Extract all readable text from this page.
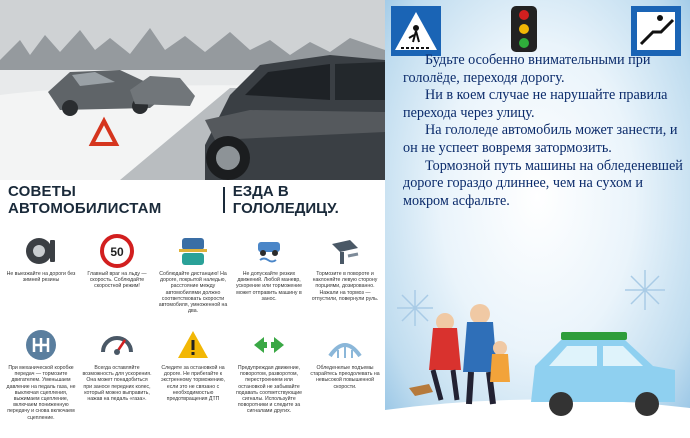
СОВЕТЫ АВТОМОБИЛИСТАМ
ЕЗДА В ГОЛОЛЕДИЦУ.
Не выезжайте на дороги без зимней резины
50
Главный враг на льду — скорость. Соблюдайте скоростной режим!
Соблюдайте дистанцию! На дороге, покрытой наледью, расстояние между автомобилями должно соответствовать скорости автомобиля, умноженной на два.
Не допускайте резких движений. Любой маневр, ускорение или торможение может отправить машину в занос.
Тормозите в повороте и наклоняйте левую сторону порциями, дозированно. Нажали на тормоз — отпустили, повернули руль.
При механической коробке передач — тормозите двигателем. Уменьшаем давление на педаль газа, не выключая сцепления, выжимаем сцепление, включаем пониженную передачу и снова включаем сцепление.
Всегда оставляйте возможность для ускорения. Она может понадобиться при заносе передних колес, который можно выправить, нажав на педаль «газа».
Следите за остановкой на дороге. Не прибегайте к экстренному торможению, если это не связано с необходимостью предотвращения ДТП
Предупреждая движение, поворотом, разворотом, перестроением или остановкой не забывайте подавать соответствующие сигналы. Используйте поворотники и следите за сигналами других.
Обледенелые подъемы старайтесь преодолевать на невысокой повышенной скорости.

Будьте особенно внимательными при гололёде, переходя дорогу.

Ни в коем случае не нарушайте правила перехода через улицу.

На гололеде автомобиль может занести, и он не успеет вовремя затормозить.

Тормозной путь машины на обледеневшей дороге гораздо длиннее, чем на сухом и мокром асфальте.
